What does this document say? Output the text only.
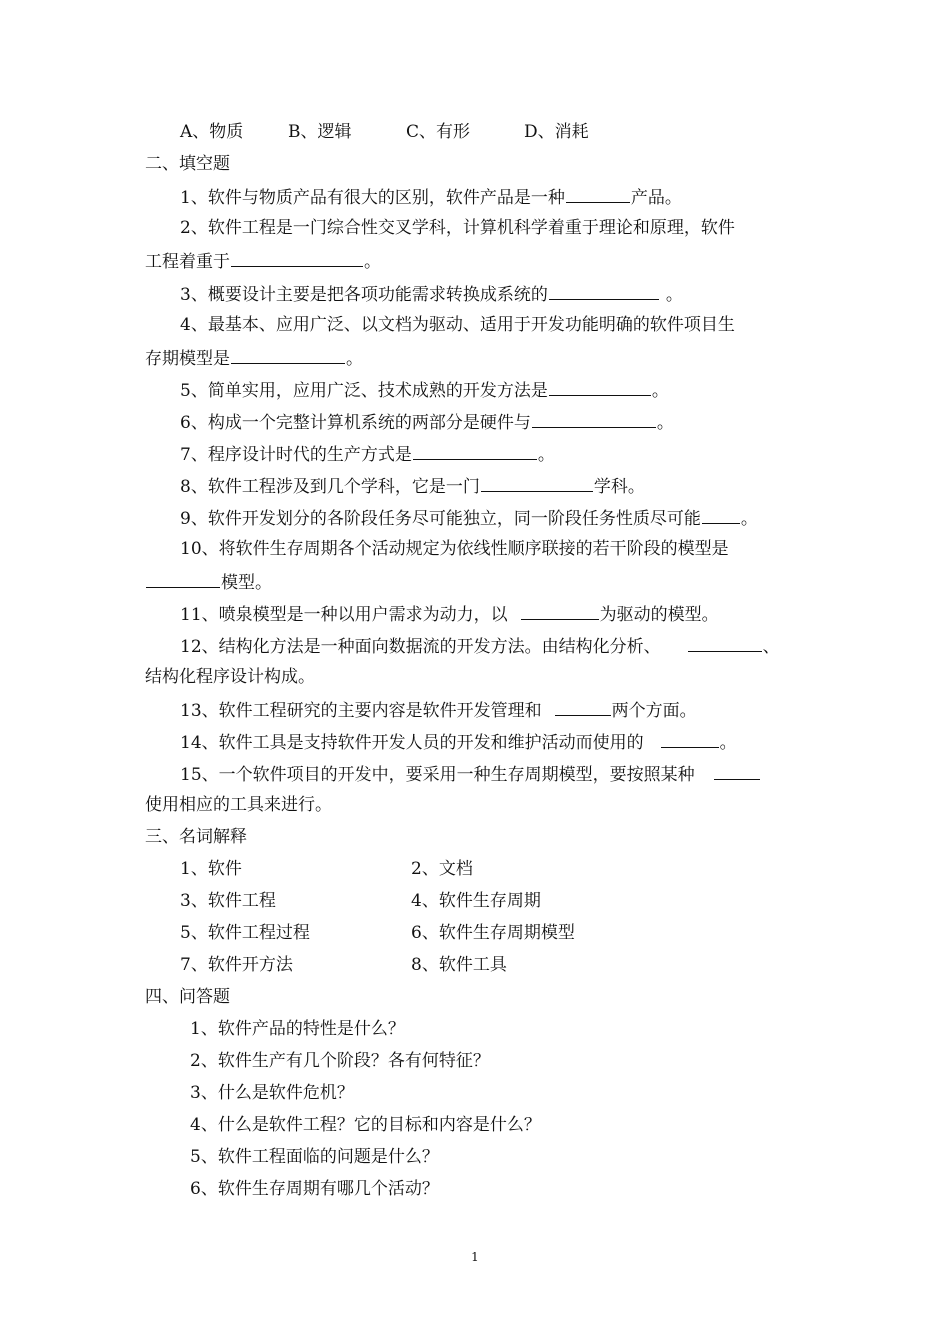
A、物质	B、逻辑	C、有形	D、消耗
二、填空题
1、软件与物质产品有很大的区别，软件产品是一种	产品。
2、软件工程是一门综合性交叉学科，计算机科学着重于理论和原理，软件
工程着重于	。
3、概要设计主要是把各项功能需求转换成系统的	。
4、最基本、应用广泛、以文档为驱动、适用于开发功能明确的软件项目生
存期模型是	。
5、简单实用，应用广泛、技术成熟的开发方法是	。
6、构成一个完整计算机系统的两部分是硬件与	。
7、程序设计时代的生产方式是	。
8、软件工程涉及到几个学科，它是一门	学科。
9、软件开发划分的各阶段任务尽可能独立，同一阶段任务性质尽可能 。
10、将软件生存周期各个活动规定为依线性顺序联接的若干阶段的模型是
模型。
11、喷泉模型是一种以用户需求为动力，以	为驱动的模型。
12、结构化方法是一种面向数据流的开发方法。由结构化分析、	、
结构化程序设计构成。
13、软件工程研究的主要内容是软件开发管理和	两个方面。
14、软件工具是支持软件开发人员的开发和维护活动而使用的	。
15、一个软件项目的开发中，要采用一种生存周期模型，要按照某种
使用相应的工具来进行。
三、名词解释
1、软件	2、文档
3、软件工程	4、软件生存周期
5、软件工程过程	6、软件生存周期模型
7、软件开方法	8、软件工具
四、问答题
1、软件产品的特性是什么？
2、软件生产有几个阶段？各有何特征？
3、什么是软件危机？
4、什么是软件工程？它的目标和内容是什么？
5、软件工程面临的问题是什么？
6、软件生存周期有哪几个活动？
1
